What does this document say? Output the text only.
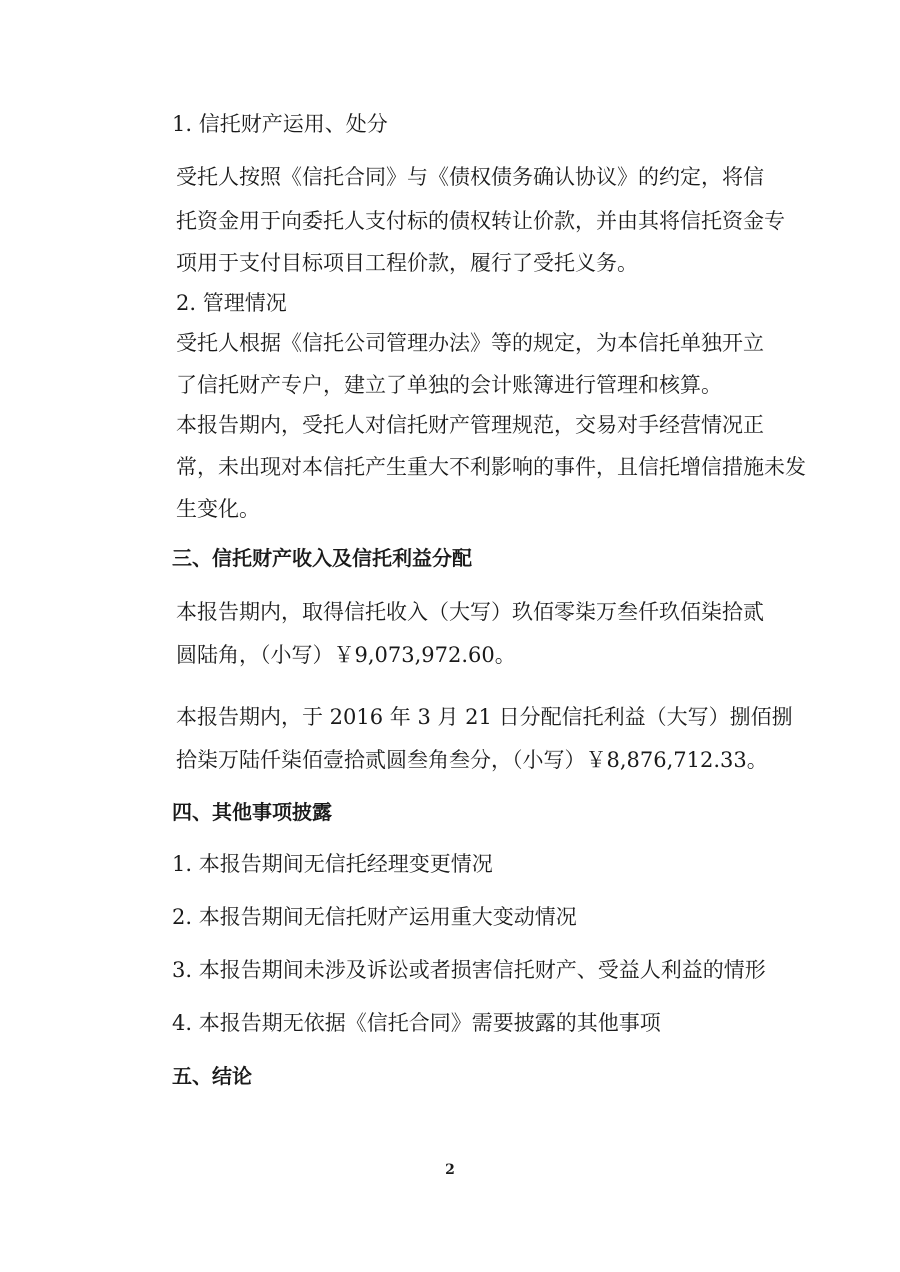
1. 信托财产运用、处分

受托人按照《信托合同》与《债权债务确认协议》的约定，将信

托资金用于向委托人支付标的债权转让价款，并由其将信托资金专

项用于支付目标项目工程价款，履行了受托义务。

2. 管理情况

受托人根据《信托公司管理办法》等的规定，为本信托单独开立

了信托财产专户，建立了单独的会计账簿进行管理和核算。

本报告期内，受托人对信托财产管理规范，交易对手经营情况正

常，未出现对本信托产生重大不利影响的事件，且信托增信措施未发

生变化。

三、信托财产收入及信托利益分配

本报告期内，取得信托收入（大写）玖佰零柒万叁仟玖佰柒拾贰

圆陆角，（小写）￥9,073,972.60。

本报告期内，于 2016 年 3 月 21 日分配信托利益（大写）捌佰捌

拾柒万陆仟柒佰壹拾贰圆叁角叁分，（小写）￥8,876,712.33。

四、其他事项披露

1. 本报告期间无信托经理变更情况

2. 本报告期间无信托财产运用重大变动情况

3. 本报告期间未涉及诉讼或者损害信托财产、受益人利益的情形

4. 本报告期无依据《信托合同》需要披露的其他事项

五、结论

2
